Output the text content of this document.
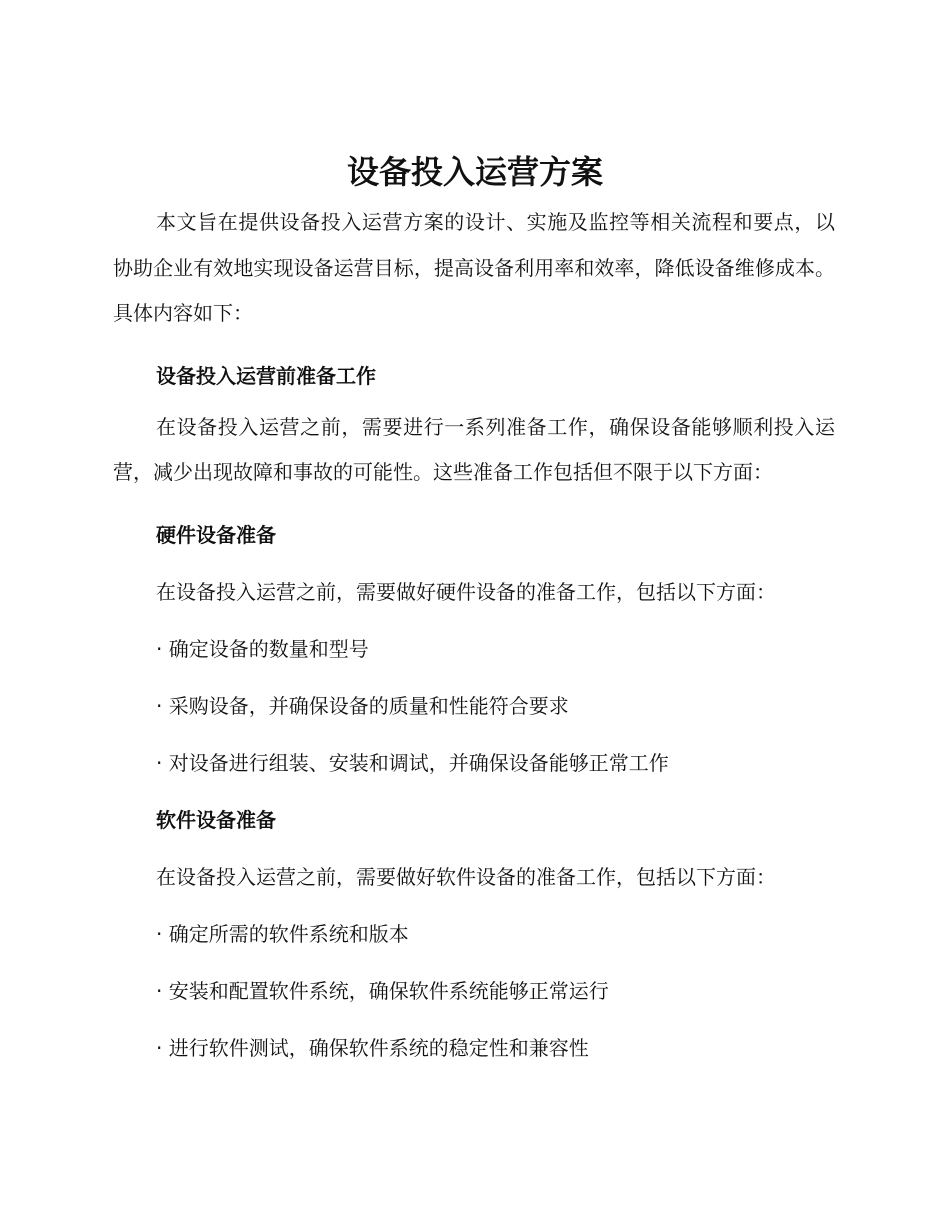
设备投入运营方案

本文旨在提供设备投入运营方案的设计、实施及监控等相关流程和要点，以协助企业有效地实现设备运营目标，提高设备利用率和效率，降低设备维修成本。具体内容如下：

设备投入运营前准备工作

在设备投入运营之前，需要进行一系列准备工作，确保设备能够顺利投入运营，减少出现故障和事故的可能性。这些准备工作包括但不限于以下方面：

硬件设备准备

在设备投入运营之前，需要做好硬件设备的准备工作，包括以下方面：

· 确定设备的数量和型号

· 采购设备，并确保设备的质量和性能符合要求

· 对设备进行组装、安装和调试，并确保设备能够正常工作

软件设备准备

在设备投入运营之前，需要做好软件设备的准备工作，包括以下方面：

· 确定所需的软件系统和版本

· 安装和配置软件系统，确保软件系统能够正常运行

· 进行软件测试，确保软件系统的稳定性和兼容性
